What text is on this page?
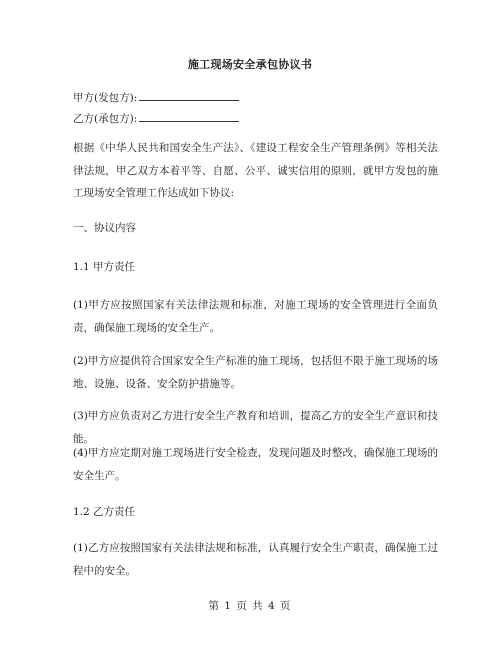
施工现场安全承包协议书
甲方(发包方):
乙方(承包方):
根据《中华人民共和国安全生产法》、《建设工程安全生产管理条例》等相关法律法规，甲乙双方本着平等、自愿、公平、诚实信用的原则，就甲方发包的施工现场安全管理工作达成如下协议:
一、协议内容
1.1 甲方责任
(1)甲方应按照国家有关法律法规和标准，对施工现场的安全管理进行全面负责，确保施工现场的安全生产。
(2)甲方应提供符合国家安全生产标准的施工现场，包括但不限于施工现场的场地、设施、设备、安全防护措施等。
(3)甲方应负责对乙方进行安全生产教育和培训，提高乙方的安全生产意识和技能。
(4)甲方应定期对施工现场进行安全检查，发现问题及时整改，确保施工现场的安全生产。
1.2 乙方责任
(1)乙方应按照国家有关法律法规和标准，认真履行安全生产职责，确保施工过程中的安全。
第 1 页 共 4 页
